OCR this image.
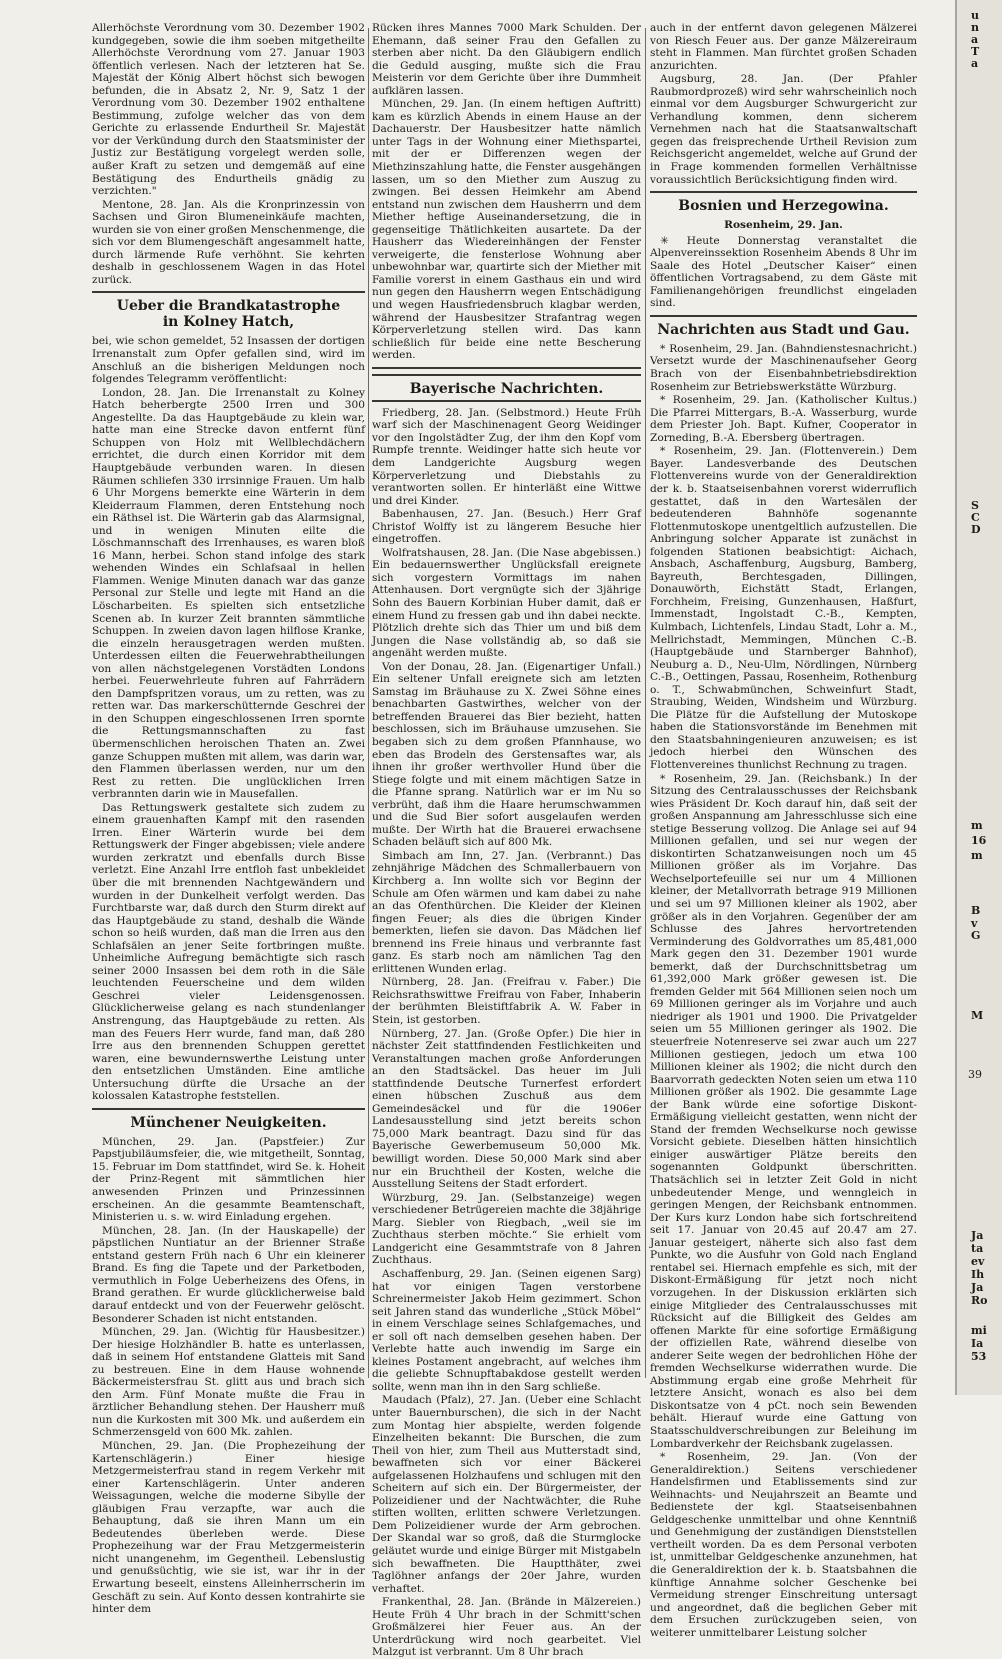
Allerhöchste Verordnung vom 30. Dezember 1902 kundgegeben, sowie die ihm soeben mitgetheilte Allerhöchste Verordnung vom 27. Januar 1903 öffentlich verlesen. Nach der letzteren hat Se. Majestät der König Albert höchst sich bewogen befunden, die in Absatz 2, Nr. 9, Satz 1 der Verordnung vom 30. Dezember 1902 enthaltene Bestimmung, zufolge welcher das von dem Gerichte zu erlassende Endurtheil Sr. Majestät vor der Verkündung durch den Staatsminister der Justiz zur Bestätigung vorgelegt werden solle, außer Kraft zu setzen und demgemäß auf eine Bestätigung des Endurtheils gnädig zu verzichten."

Mentone, 28. Jan. Als die Kronprinzessin von Sachsen und Giron Blumeneinkäufe machten, wurden sie von einer großen Menschenmenge, die sich vor dem Blumengeschäft angesammelt hatte, durch lärmende Rufe verhöhnt. Sie kehrten deshalb in geschlossenem Wagen in das Hotel zurück.

Ueber die Brandkatastrophe
in Kolney Hatch,

bei, wie schon gemeldet, 52 Insassen der dortigen Irrenanstalt zum Opfer gefallen sind, wird im Anschluß an die bisherigen Meldungen noch folgendes Telegramm veröffentlicht:

London, 28. Jan. Die Irrenanstalt zu Kolney Hatch beherbergte 2500 Irren und 300 Angestellte. Da das Hauptgebäude zu klein war, hatte man eine Strecke davon entfernt fünf Schuppen von Holz mit Wellblechdächern errichtet, die durch einen Korridor mit dem Hauptgebäude verbunden waren. In diesen Räumen schliefen 330 irrsinnige Frauen. Um halb 6 Uhr Morgens bemerkte eine Wärterin in dem Kleiderraum Flammen, deren Entstehung noch ein Räthsel ist. Die Wärterin gab das Alarmsignal, und in wenigen Minuten eilte die Löschmannschaft des Irrenhauses, es waren bloß 16 Mann, herbei. Schon stand infolge des stark wehenden Windes ein Schlafsaal in hellen Flammen. Wenige Minuten danach war das ganze Personal zur Stelle und legte mit Hand an die Löscharbeiten. Es spielten sich entsetzliche Scenen ab. In kurzer Zeit brannten sämmtliche Schuppen. In zweien davon lagen hilflose Kranke, die einzeln herausgetragen werden mußten. Unterdessen eilten die Feuerwehrabtheilungen von allen nächstgelegenen Vorstädten Londons herbei. Feuerwehrleute fuhren auf Fahrrädern den Dampfspritzen voraus, um zu retten, was zu retten war. Das markerschütternde Geschrei der in den Schuppen eingeschlossenen Irren spornte die Rettungsmannschaften zu fast übermenschlichen heroischen Thaten an. Zwei ganze Schuppen mußten mit allem, was darin war, den Flammen überlassen werden, nur um den Rest zu retten. Die unglücklichen Irren verbrannten darin wie in Mausefallen.

Das Rettungswerk gestaltete sich zudem zu einem grauenhaften Kampf mit den rasenden Irren. Einer Wärterin wurde bei dem Rettungswerk der Finger abgebissen; viele andere wurden zerkratzt und ebenfalls durch Bisse verletzt. Eine Anzahl Irre entfloh fast unbekleidet über die mit brennenden Nachtgewändern und wurden in der Dunkelheit verfolgt werden. Das Furchtbarste war, daß durch den Sturm direkt auf das Hauptgebäude zu stand, deshalb die Wände schon so heiß wurden, daß man die Irren aus den Schlafsälen an jener Seite fortbringen mußte. Unheimliche Aufregung bemächtigte sich rasch seiner 2000 Insassen bei dem roth in die Säle leuchtenden Feuerscheine und dem wilden Geschrei vieler Leidensgenossen. Glücklicherweise gelang es nach stundenlanger Anstrengung, das Hauptgebäude zu retten. Als man des Feuers Herr wurde, fand man, daß 280 Irre aus den brennenden Schuppen gerettet waren, eine bewundernswerthe Leistung unter den entsetzlichen Umständen. Eine amtliche Untersuchung dürfte die Ursache an der kolossalen Katastrophe feststellen.

Münchener Neuigkeiten.

München, 29. Jan. (Papstfeier.) Zur Papstjubiläumsfeier, die, wie mitgetheilt, Sonntag, 15. Februar im Dom stattfindet, wird Se. k. Hoheit der Prinz-Regent mit sämmtlichen hier anwesenden Prinzen und Prinzessinnen erscheinen. An die gesammte Beamtenschaft, Ministerien u. s. w. wird Einladung ergehen.

München, 28. Jan. (In der Hauskapelle) der päpstlichen Nuntiatur an der Brienner Straße entstand gestern Früh nach 6 Uhr ein kleinerer Brand. Es fing die Tapete und der Parketboden, vermuthlich in Folge Ueberheizens des Ofens, in Brand gerathen. Er wurde glücklicherweise bald darauf entdeckt und von der Feuerwehr gelöscht. Besonderer Schaden ist nicht entstanden.

München, 29. Jan. (Wichtig für Hausbesitzer.) Der hiesige Holzhändler B. hatte es unterlassen, daß in seinem Hof entstandene Glatteis mit Sand zu bestreuen. Eine in dem Hause wohnende Bäckermeistersfrau St. glitt aus und brach sich den Arm. Fünf Monate mußte die Frau in ärztlicher Behandlung stehen. Der Hausherr muß nun die Kurkosten mit 300 Mk. und außerdem ein Schmerzensgeld von 600 Mk. zahlen.

München, 29. Jan. (Die Prophezeihung der Kartenschlägerin.) Einer hiesige Metzgermeisterfrau stand in regem Verkehr mit einer Kartenschlägerin. Unter anderen Weissagungen, welche die moderne Sibylle der gläubigen Frau verzapfte, war auch die Behauptung, daß sie ihren Mann um ein Bedeutendes überleben werde. Diese Prophezeihung war der Frau Metzgermeisterin nicht unangenehm, im Gegentheil. Lebenslustig und genußsüchtig, wie sie ist, war ihr in der Erwartung beseelt, einstens Alleinherrscherin im Geschäft zu sein. Auf Konto dessen kontrahirte sie hinter dem

Rücken ihres Mannes 7000 Mark Schulden. Der Ehemann, daß seiner Frau den Gefallen zu sterben aber nicht. Da den Gläubigern endlich die Geduld ausging, mußte sich die Frau Meisterin vor dem Gerichte über ihre Dummheit aufklären lassen.

München, 29. Jan. (In einem heftigen Auftritt) kam es kürzlich Abends in einem Hause an der Dachauerstr. Der Hausbesitzer hatte nämlich unter Tags in der Wohnung einer Miethspartei, mit der er Differenzen wegen der Miethzinszahlung hatte, die Fenster ausgehängen lassen, um so den Miether zum Auszug zu zwingen. Bei dessen Heimkehr am Abend entstand nun zwischen dem Hausherrn und dem Miether heftige Auseinandersetzung, die in gegenseitige Thätlichkeiten ausartete. Da der Hausherr das Wiedereinhängen der Fenster verweigerte, die fensterlose Wohnung aber unbewohnbar war, quartirte sich der Miether mit Familie vorerst in einem Gasthaus ein und wird nun gegen den Hausherrn wegen Entschädigung und wegen Hausfriedensbruch klagbar werden, während der Hausbesitzer Strafantrag wegen Körperverletzung stellen wird. Das kann schließlich für beide eine nette Bescherung werden.

Bayerische Nachrichten.

Friedberg, 28. Jan. (Selbstmord.) Heute Früh warf sich der Maschinenagent Georg Weidinger vor den Ingolstädter Zug, der ihm den Kopf vom Rumpfe trennte. Weidinger hatte sich heute vor dem Landgerichte Augsburg wegen Körperverletzung und Diebstahls zu verantworten sollen. Er hinterläßt eine Wittwe und drei Kinder.

Babenhausen, 27. Jan. (Besuch.) Herr Graf Christof Wolffy ist zu längerem Besuche hier eingetroffen.

Wolfratshausen, 28. Jan. (Die Nase abgebissen.) Ein bedauernswerther Unglücksfall ereignete sich vorgestern Vormittags im nahen Attenhausen. Dort vergnügte sich der 3jährige Sohn des Bauern Korbinian Huber damit, daß er einem Hund zu fressen gab und ihn dabei neckte. Plötzlich drehte sich das Thier um und biß dem Jungen die Nase vollständig ab, so daß sie angenäht werden mußte.

Von der Donau, 28. Jan. (Eigenartiger Unfall.) Ein seltener Unfall ereignete sich am letzten Samstag im Bräuhause zu X. Zwei Söhne eines benachbarten Gastwirthes, welcher von der betreffenden Brauerei das Bier bezieht, hatten beschlossen, sich im Bräuhause umzusehen. Sie begaben sich zu dem großen Pfannhause, wo eben das Brodeln des Gerstensaftes war, als ihnen ihr großer werthvoller Hund über die Stiege folgte und mit einem mächtigen Satze in die Pfanne sprang. Natürlich war er im Nu so verbrüht, daß ihm die Haare herumschwammen und die Sud Bier sofort ausgelaufen werden mußte. Der Wirth hat die Brauerei erwachsene Schaden beläuft sich auf 800 Mk.

Simbach am Inn, 27. Jan. (Verbrannt.) Das zehnjährige Mädchen des Schmallerbauern von Kirchberg a. Inn wollte sich vor Beginn der Schule am Ofen wärmen und kam dabei zu nahe an das Ofenthürchen. Die Kleider der Kleinen fingen Feuer; als dies die übrigen Kinder bemerkten, liefen sie davon. Das Mädchen lief brennend ins Freie hinaus und verbrannte fast ganz. Es starb noch am nämlichen Tag den erlittenen Wunden erlag.

Nürnberg, 28. Jan. (Freifrau v. Faber.) Die Reichsrathswittwe Freifrau von Faber, Inhaberin der berühmten Bleistiftfabrik A. W. Faber in Stein, ist gestorben.

Nürnberg, 27. Jan. (Große Opfer.) Die hier in nächster Zeit stattfindenden Festlichkeiten und Veranstaltungen machen große Anforderungen an den Stadtsäckel. Das heuer im Juli stattfindende Deutsche Turnerfest erfordert einen hübschen Zuschuß aus dem Gemeindesäckel und für die 1906er Landesausstellung sind jetzt bereits schon 75,000 Mark beantragt. Dazu sind für das Bayerische Gewerbemuseum 50,000 Mk. bewilligt worden. Diese 50,000 Mark sind aber nur ein Bruchtheil der Kosten, welche die Ausstellung Seitens der Stadt erfordert.

Würzburg, 29. Jan. (Selbstanzeige) wegen verschiedener Betrügereien machte die 38jährige Marg. Siebler von Riegbach, „weil sie im Zuchthaus sterben möchte.“ Sie erhielt vom Landgericht eine Gesammtstrafe von 8 Jahren Zuchthaus.

Aschaffenburg, 29. Jan. (Seinen eigenen Sarg) hat vor einigen Tagen verstorbene Schreinermeister Jakob Heim gezimmert. Schon seit Jahren stand das wunderliche „Stück Möbel“ in einem Verschlage seines Schlafgemaches, und er soll oft nach demselben gesehen haben. Der Verlebte hatte auch inwendig im Sarge ein kleines Postament angebracht, auf welches ihm die geliebte Schnupftabakdose gestellt werden sollte, wenn man ihn in den Sarg schließe.

Maudach (Pfalz), 27. Jan. (Ueber eine Schlacht unter Bauernburschen), die sich in der Nacht zum Montag hier abspielte, werden folgende Einzelheiten bekannt: Die Burschen, die zum Theil von hier, zum Theil aus Mutterstadt sind, bewaffneten sich vor einer Bäckerei aufgelassenen Holzhaufens und schlugen mit den Scheitern auf sich ein. Der Bürgermeister, der Polizeidiener und der Nachtwächter, die Ruhe stiften wollten, erlitten schwere Verletzungen. Dem Polizeidiener wurde der Arm gebrochen. Der Skandal war so groß, daß die Sturmglocke geläutet wurde und einige Bürger mit Mistgabeln sich bewaffneten. Die Hauptthäter, zwei Taglöhner anfangs der 20er Jahre, wurden verhaftet.

Frankenthal, 28. Jan. (Brände in Mälzereien.) Heute Früh 4 Uhr brach in der Schmitt'schen Großmälzerei hier Feuer aus. An der Unterdrückung wird noch gearbeitet. Viel Malzgut ist verbrannt. Um 8 Uhr brach

auch in der entfernt davon gelegenen Mälzerei von Riesch Feuer aus. Der ganze Mälzereiraum steht in Flammen. Man fürchtet großen Schaden anzurichten.

Augsburg, 28. Jan. (Der Pfahler Raubmordprozeß) wird sehr wahrscheinlich noch einmal vor dem Augsburger Schwurgericht zur Verhandlung kommen, denn sicherem Vernehmen nach hat die Staatsanwaltschaft gegen das freisprechende Urtheil Revision zum Reichsgericht angemeldet, welche auf Grund der in Frage kommenden formellen Verhältnisse voraussichtlich Berücksichtigung finden wird.

Bosnien und Herzegowina.
Rosenheim, 29. Jan.

✳ Heute Donnerstag veranstaltet die Alpenvereinssektion Rosenheim Abends 8 Uhr im Saale des Hotel „Deutscher Kaiser“ einen öffentlichen Vortragsabend, zu dem Gäste mit Familienangehörigen freundlichst eingeladen sind.

Nachrichten aus Stadt und Gau.

* Rosenheim, 29. Jan. (Bahndienstesnachricht.) Versetzt wurde der Maschinenaufseher Georg Brach von der Eisenbahnbetriebsdirektion Rosenheim zur Betriebswerkstätte Würzburg.

* Rosenheim, 29. Jan. (Katholischer Kultus.) Die Pfarrei Mittergars, B.-A. Wasserburg, wurde dem Priester Joh. Bapt. Kufner, Cooperator in Zorneding, B.-A. Ebersberg übertragen.

* Rosenheim, 29. Jan. (Flottenverein.) Dem Bayer. Landesverbande des Deutschen Flottenvereins wurde von der Generaldirektion der k. b. Staatseisenbahnen vorerst widerruflich gestattet, daß in den Wartesälen der bedeutenderen Bahnhöfe sogenannte Flottenmutoskope unentgeltlich aufzustellen. Die Anbringung solcher Apparate ist zunächst in folgenden Stationen beabsichtigt: Aichach, Ansbach, Aschaffenburg, Augsburg, Bamberg, Bayreuth, Berchtesgaden, Dillingen, Donauwörth, Eichstätt Stadt, Erlangen, Forchheim, Freising, Gunzenhausen, Haßfurt, Immenstadt, Ingolstadt C.-B., Kempten, Kulmbach, Lichtenfels, Lindau Stadt, Lohr a. M., Mellrichstadt, Memmingen, München C.-B. (Hauptgebäude und Starnberger Bahnhof), Neuburg a. D., Neu-Ulm, Nördlingen, Nürnberg C.-B., Oettingen, Passau, Rosenheim, Rothenburg o. T., Schwabmünchen, Schweinfurt Stadt, Straubing, Weiden, Windsheim und Würzburg. Die Plätze für die Aufstellung der Mutoskope haben die Stationsvorstände im Benehmen mit den Staatsbahningenieuren anzuweisen; es ist jedoch hierbei den Wünschen des Flottenvereines thunlichst Rechnung zu tragen.

* Rosenheim, 29. Jan. (Reichsbank.) In der Sitzung des Centralausschusses der Reichsbank wies Präsident Dr. Koch darauf hin, daß seit der großen Anspannung am Jahresschlusse sich eine stetige Besserung vollzog. Die Anlage sei auf 94 Millionen gefallen, und sei nur wegen der diskontirten Schatzanweisungen noch um 45 Millionen größer als im Vorjahre. Das Wechselportefeuille sei nur um 4 Millionen kleiner, der Metallvorrath betrage 919 Millionen und sei um 97 Millionen kleiner als 1902, aber größer als in den Vorjahren. Gegenüber der am Schlusse des Jahres hervortretenden Verminderung des Goldvorrathes um 85,481,000 Mark gegen den 31. Dezember 1901 wurde bemerkt, daß der Durchschnittsbetrag um 61,392,000 Mark größer gewesen ist. Die fremden Gelder mit 564 Millionen seien noch um 69 Millionen geringer als im Vorjahre und auch niedriger als 1901 und 1900. Die Privatgelder seien um 55 Millionen geringer als 1902. Die steuerfreie Notenreserve sei zwar auch um 227 Millionen gestiegen, jedoch um etwa 100 Millionen kleiner als 1902; die nicht durch den Baarvorrath gedeckten Noten seien um etwa 110 Millionen größer als 1902. Die gesammte Lage der Bank würde eine sofortige Diskont-Ermäßigung vielleicht gestatten, wenn nicht der Stand der fremden Wechselkurse noch gewisse Vorsicht gebiete. Dieselben hätten hinsichtlich einiger auswärtiger Plätze bereits den sogenannten Goldpunkt überschritten. Thatsächlich sei in letzter Zeit Gold in nicht unbedeutender Menge, und wenngleich in geringen Mengen, der Reichsbank entnommen. Der Kurs kurz London habe sich fortschreitend seit 17. Januar von 20.45 auf 20.47 am 27. Januar gesteigert, näherte sich also fast dem Punkte, wo die Ausfuhr von Gold nach England rentabel sei. Hiernach empfehle es sich, mit der Diskont-Ermäßigung für jetzt noch nicht vorzugehen. In der Diskussion erklärten sich einige Mitglieder des Centralausschusses mit Rücksicht auf die Billigkeit des Geldes am offenen Markte für eine sofortige Ermäßigung der offiziellen Rate, während dieselbe von anderer Seite wegen der bedrohlichen Höhe der fremden Wechselkurse widerrathen wurde. Die Abstimmung ergab eine große Mehrheit für letztere Ansicht, wonach es also bei dem Diskontsatze von 4 pCt. noch sein Bewenden behält. Hierauf wurde eine Gattung von Staatsschuldverschreibungen zur Beleihung im Lombardverkehr der Reichsbank zugelassen.

* Rosenheim, 29. Jan. (Von der Generaldirektion.) Seitens verschiedener Handelsfirmen und Etablissements sind zur Weihnachts- und Neujahrszeit an Beamte und Bedienstete der kgl. Staatseisenbahnen Geldgeschenke unmittelbar und ohne Kenntniß und Genehmigung der zuständigen Dienststellen vertheilt worden. Da es dem Personal verboten ist, unmittelbar Geldgeschenke anzunehmen, hat die Generaldirektion der k. b. Staatsbahnen die künftige Annahme solcher Geschenke bei Vermeidung strenger Einschreitung untersagt und angeordnet, daß die beglichen Geber mit dem Ersuchen zurückzugeben seien, von weiterer unmittelbarer Leistung solcher

u
n
a
T
a
S
C
D
m
16
m
B
v
G
M
Ja
ta
ev
Ih
Ja
Ro
mi
Ia
53
39
